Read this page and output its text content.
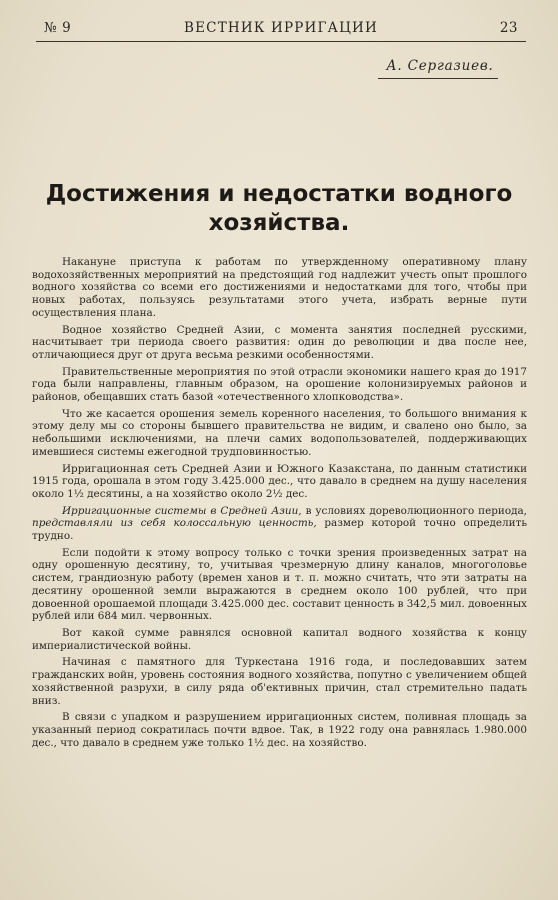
№ 9	ВЕСТНИК ИРРИГАЦИИ	23
А. Сергазиев.
Достижения и недостатки водного хозяйства.

Накануне приступа к работам по утвержденному оперативному плану водохозяйственных мероприятий на предстоящий год надлежит учесть опыт прошлого водного хозяйства со всеми его достижениями и недостатками для того, чтобы при новых работах, пользуясь результатами этого учета, избрать верные пути осуществления плана.

Водное хозяйство Средней Азии, с момента занятия последней русскими, насчитывает три периода своего развития: один до революции и два после нее, отличающиеся друг от друга весьма резкими особенностями.

Правительственные мероприятия по этой отрасли экономики нашего края до 1917 года были направлены, главным образом, на орошение колонизируемых районов и районов, обещавших стать базой «отечественного хлопководства».

Что же касается орошения земель коренного населения, то большого внимания к этому делу мы со стороны бывшего правительства не видим, и свалено оно было, за небольшими исключениями, на плечи самих водопользователей, поддерживающих имевшиеся системы ежегодной трудповинностью.

Ирригационная сеть Средней Азии и Южного Казакстана, по данным статистики 1915 года, орошала в этом году 3.425.000 дес., что давало в среднем на душу населения около 1½ десятины, а на хозяйство около 2½ дес.

Ирригационные системы в Средней Азии, в условиях дореволюционного периода, представляли из себя колоссальную ценность, размер которой точно определить трудно.

Если подойти к этому вопросу только с точки зрения произведенных затрат на одну орошенную десятину, то, учитывая чрезмерную длину каналов, многоголовье систем, грандиозную работу (времен ханов и т. п. можно считать, что эти затраты на десятину орошенной земли выражаются в среднем около 100 рублей, что при довоенной орошаемой площади 3.425.000 дес. составит ценность в 342,5 мил. довоенных рублей или 684 мил. червонных.

Вот какой сумме равнялся основной капитал водного хозяйства к концу империалистической войны.

Начиная с памятного для Туркестана 1916 года, и последовавших затем гражданских войн, уровень состояния водного хозяйства, попутно с увеличением общей хозяйственной разрухи, в силу ряда об'ективных причин, стал стремительно падать вниз.

В связи с упадком и разрушением ирригационных систем, поливная площадь за указанный период сократилась почти вдвое. Так, в 1922 году она равнялась 1.980.000 дес., что давало в среднем уже только 1½ дес. на хозяйство.
